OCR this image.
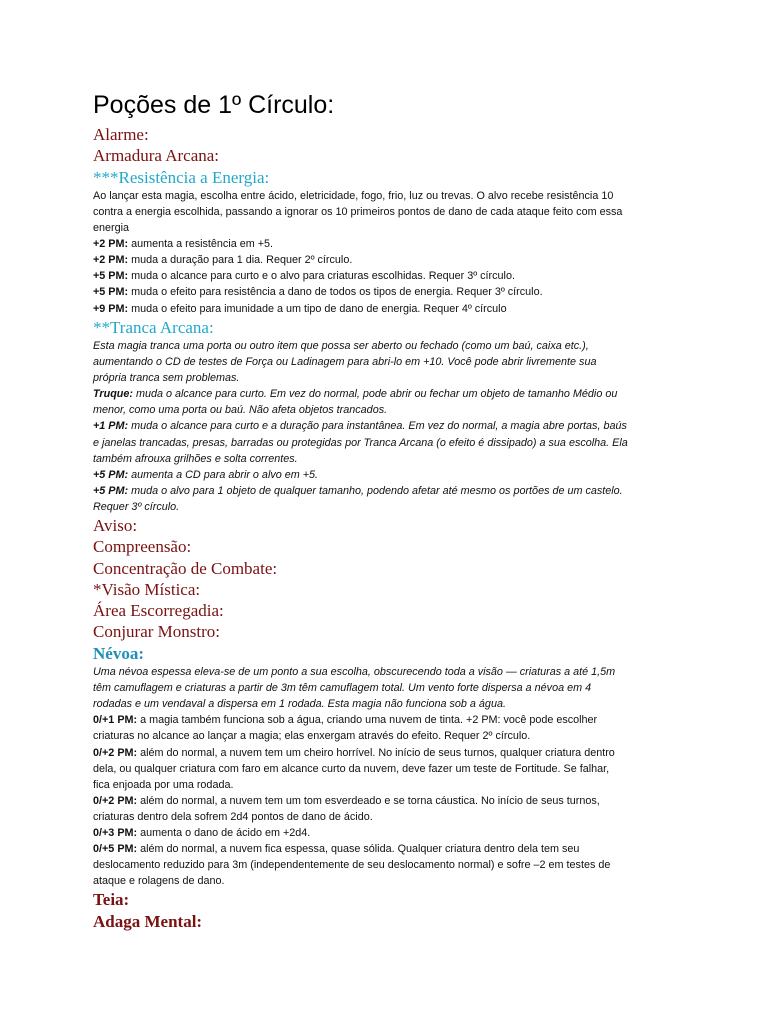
Poções de 1º Círculo:

Alarme:

Armadura Arcana:

***Resistência a Energia:

Ao lançar esta magia, escolha entre ácido, eletricidade, fogo, frio, luz ou trevas. O alvo recebe resistência 10
contra a energia escolhida, passando a ignorar os 10 primeiros pontos de dano de cada ataque feito com essa
energia

+2 PM: aumenta a resistência em +5.

+2 PM: muda a duração para 1 dia. Requer 2º círculo.

+5 PM: muda o alcance para curto e o alvo para criaturas escolhidas. Requer 3º círculo.

+5 PM: muda o efeito para resistência a dano de todos os tipos de energia. Requer 3º círculo.

+9 PM: muda o efeito para imunidade a um tipo de dano de energia. Requer 4º círculo

**Tranca Arcana:

Esta magia tranca uma porta ou outro item que possa ser aberto ou fechado (como um baú, caixa etc.),
aumentando o CD de testes de Força ou Ladinagem para abri-lo em +10. Você pode abrir livremente sua
própria tranca sem problemas.

Truque: muda o alcance para curto. Em vez do normal, pode abrir ou fechar um objeto de tamanho Médio ou
menor, como uma porta ou baú. Não afeta objetos trancados.

+1 PM: muda o alcance para curto e a duração para instantânea. Em vez do normal, a magia abre portas, baús
e janelas trancadas, presas, barradas ou protegidas por Tranca Arcana (o efeito é dissipado) a sua escolha. Ela
também afrouxa grilhões e solta correntes.

+5 PM: aumenta a CD para abrir o alvo em +5.

+5 PM: muda o alvo para 1 objeto de qualquer tamanho, podendo afetar até mesmo os portões de um castelo.
Requer 3º círculo.

Aviso:

Compreensão:

Concentração de Combate:

*Visão Mística:

Área Escorregadia:

Conjurar Monstro:

Névoa:

Uma névoa espessa eleva-se de um ponto a sua escolha, obscurecendo toda a visão — criaturas a até 1,5m
têm camuflagem e criaturas a partir de 3m têm camuflagem total. Um vento forte dispersa a névoa em 4
rodadas e um vendaval a dispersa em 1 rodada. Esta magia não funciona sob a água.

0/+1 PM: a magia também funciona sob a água, criando uma nuvem de tinta. +2 PM: você pode escolher
criaturas no alcance ao lançar a magia; elas enxergam através do efeito. Requer 2º círculo.

0/+2 PM: além do normal, a nuvem tem um cheiro horrível. No início de seus turnos, qualquer criatura dentro
dela, ou qualquer criatura com faro em alcance curto da nuvem, deve fazer um teste de Fortitude. Se falhar,
fica enjoada por uma rodada.

0/+2 PM: além do normal, a nuvem tem um tom esverdeado e se torna cáustica. No início de seus turnos,
criaturas dentro dela sofrem 2d4 pontos de dano de ácido.

0/+3 PM: aumenta o dano de ácido em +2d4.

0/+5 PM: além do normal, a nuvem fica espessa, quase sólida. Qualquer criatura dentro dela tem seu
deslocamento reduzido para 3m (independentemente de seu deslocamento normal) e sofre –2 em testes de
ataque e rolagens de dano.

Teia:

Adaga Mental:
